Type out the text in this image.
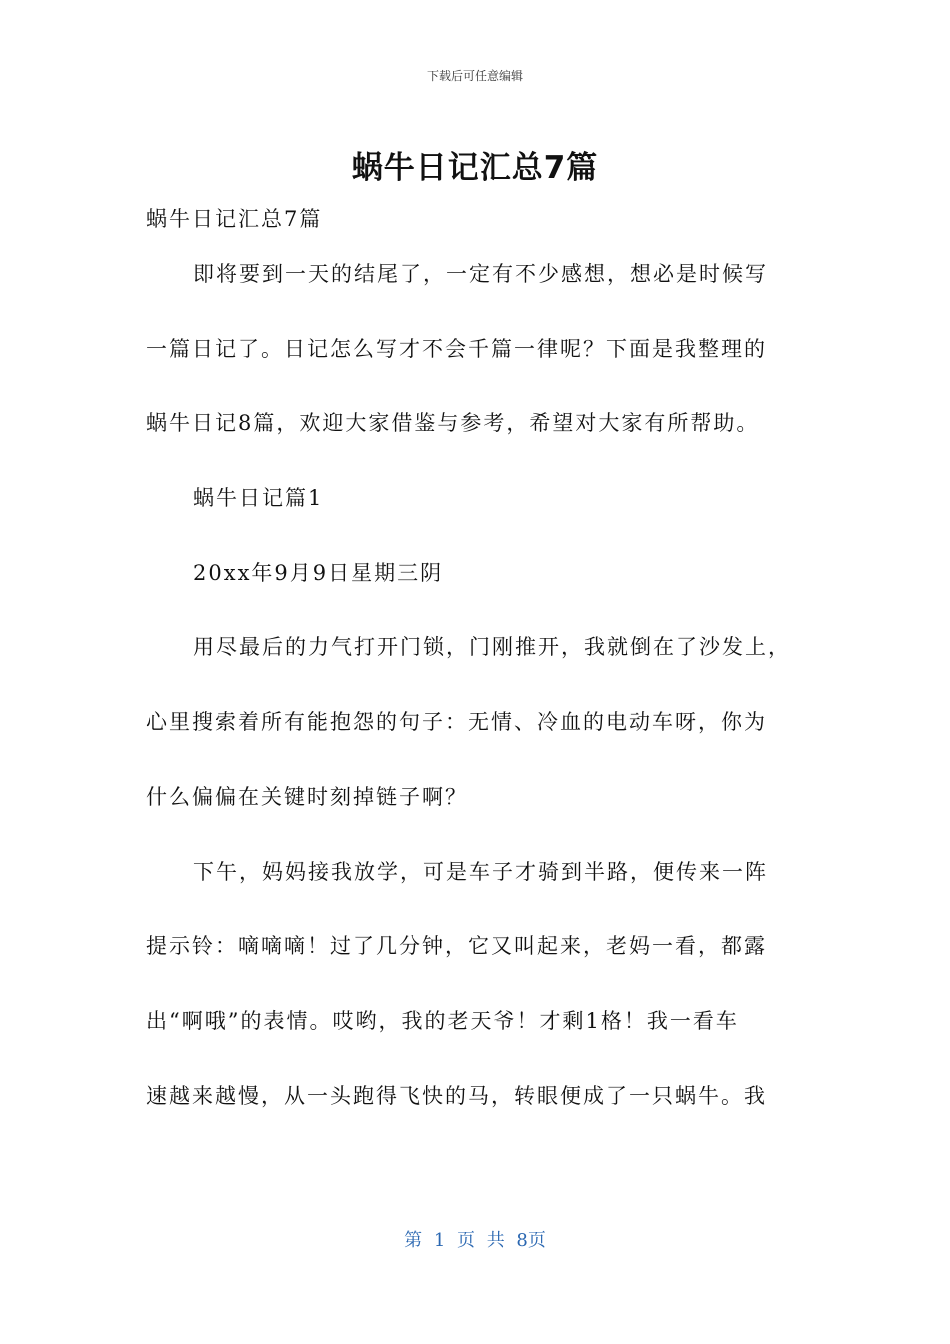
下载后可任意编辑
蜗牛日记汇总7篇
蜗牛日记汇总7篇
即将要到一天的结尾了，一定有不少感想，想必是时候写
一篇日记了。日记怎么写才不会千篇一律呢？下面是我整理的
蜗牛日记8篇，欢迎大家借鉴与参考，希望对大家有所帮助。
蜗牛日记篇1
20xx年9月9日星期三阴
用尽最后的力气打开门锁，门刚推开，我就倒在了沙发上，
心里搜索着所有能抱怨的句子：无情、冷血的电动车呀，你为
什么偏偏在关键时刻掉链子啊？
下午，妈妈接我放学，可是车子才骑到半路，便传来一阵
提示铃：嘀嘀嘀！过了几分钟，它又叫起来，老妈一看，都露
出“啊哦”的表情。哎哟，我的老天爷！才剩1格！我一看车
速越来越慢，从一头跑得飞快的马，转眼便成了一只蜗牛。我
第 1 页 共 8页
